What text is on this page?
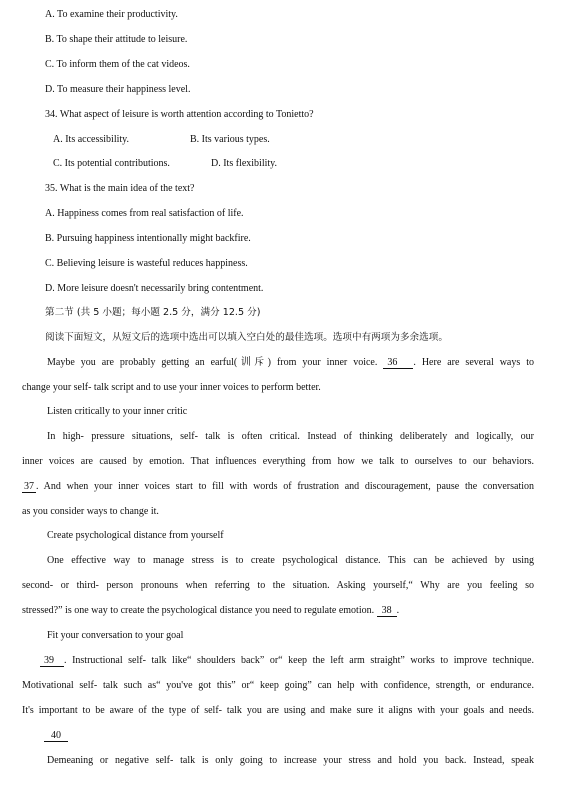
A. To examine their productivity.
B. To shape their attitude to leisure.
C. To inform them of the cat videos.
D. To measure their happiness level.
34. What aspect of leisure is worth attention according to Tonietto?
A. Its accessibility.	B. Its various types.
C. Its potential contributions.	D. Its flexibility.
35. What is the main idea of the text?
A. Happiness comes from real satisfaction of life.
B. Pursuing happiness intentionally might backfire.
C. Believing leisure is wasteful reduces happiness.
D. More leisure doesn't necessarily bring contentment.
第二节 (共 5 小题；每小题 2.5 分，满分 12.5 分)
阅读下面短文，从短文后的选项中选出可以填入空白处的最佳选项。选项中有两项为多余选项。
Maybe you are probably getting an earful(训斥) from your inner voice. 36 . Here are several ways to
change your self- talk script and to use your inner voices to perform better.
Listen critically to your inner critic
In high- pressure situations, self- talk is often critical. Instead of thinking deliberately and logically, our
inner voices are caused by emotion. That influences everything from how we talk to ourselves to our behaviors.
37 . And when your inner voices start to fill with words of frustration and discouragement, pause the conversation
as you consider ways to change it.
Create psychological distance from yourself
One effective way to manage stress is to create psychological distance. This can be achieved by using
second- or third- person pronouns when referring to the situation. Asking yourself,“ Why are you feeling so
stressed?” is one way to create the psychological distance you need to regulate emotion. 38 .
Fit your conversation to your goal
39 . Instructional self- talk like“ shoulders back” or“ keep the left arm straight” works to improve technique.
Motivational self- talk such as“ you've got this” or“ keep going” can help with confidence, strength, or endurance.
It's important to be aware of the type of self- talk you are using and make sure it aligns with your goals and needs.
40
Demeaning or negative self- talk is only going to increase your stress and hold you back. Instead, speak
